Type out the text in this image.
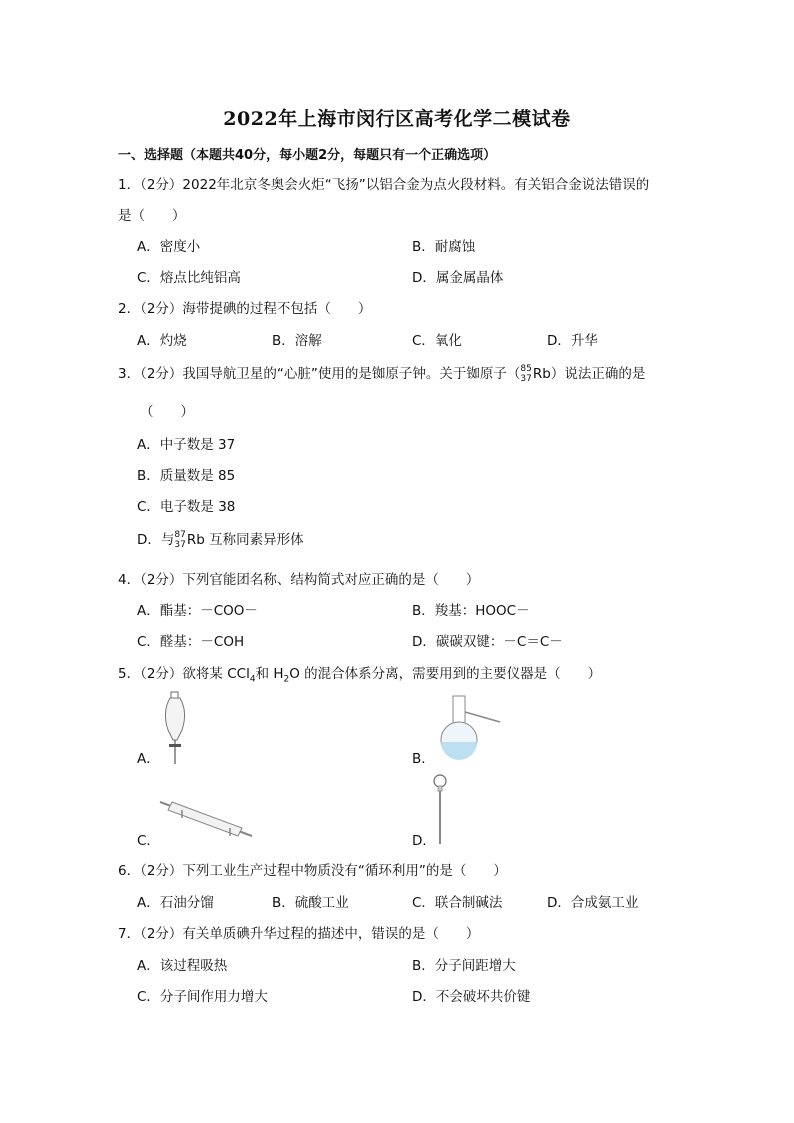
2022年上海市闵行区高考化学二模试卷
一、选择题（本题共40分，每小题2分，每题只有一个正确选项）
1．（2分）2022年北京冬奥会火炬“飞扬”以铝合金为点火段材料。有关铝合金说法错误的
是（　　）
A．密度小	B．耐腐蚀
C．熔点比纯铝高	D．属金属晶体
2．（2分）海带提碘的过程不包括（　　）
A．灼烧	B．溶解	C．氧化	D．升华
3．（2分）我国导航卫星的“心脏”使用的是铷原子钟。关于铷原子（ 85
37 Rb）说法正确的是
（　　）
A．中子数是 37
B．质量数是 85
C．电子数是 38
D．与 87
37 Rb 互称同素异形体
4．（2分）下列官能团名称、结构简式对应正确的是（　　）
A．酯基：－COO－	B．羧基：HOOC－
C．醛基：－COH	D．碳碳双键：－C＝C－
5．（2分）欲将某 CCl$_4$和 $H_2O$ 的混合体系分离，需要用到的主要仪器是（　　）
A．	B．
C．	D．
6．（2分）下列工业生产过程中物质没有“循环利用”的是（　　）
A．石油分馏	B．硫酸工业	C．联合制碱法	D．合成氨工业
7．（2分）有关单质碘升华过程的描述中，错误的是（　　）
A．该过程吸热	B．分子间距增大
C．分子间作用力增大	D．不会破坏共价键
